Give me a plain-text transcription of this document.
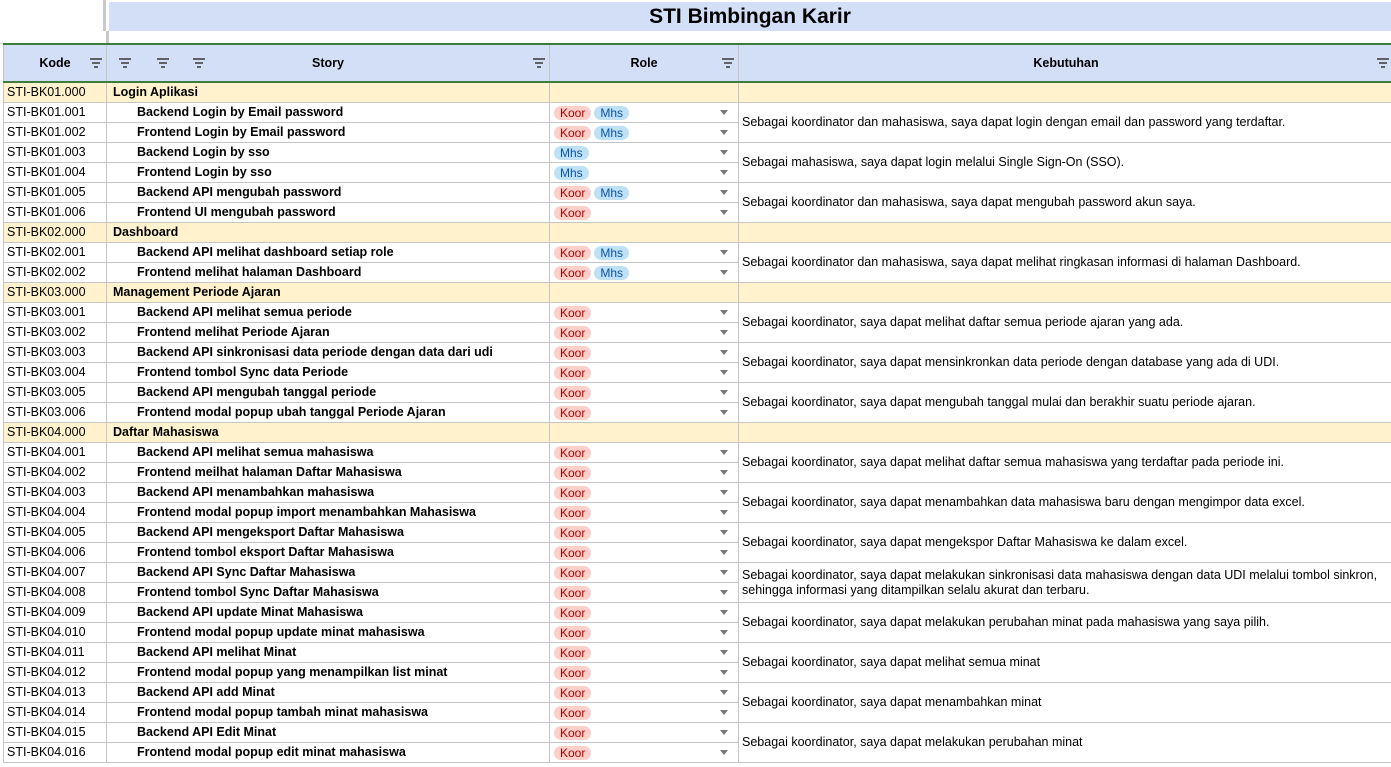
STI Bimbingan Karir
Kode	Story	Role	Kebutuhan

STI-BK01.000	Login Aplikasi		
STI-BK01.001	Backend Login by Email password	Koor Mhs	Sebagai koordinator dan mahasiswa, saya dapat login dengan email dan password yang terdaftar.
STI-BK01.002	Frontend Login by Email password	Koor Mhs	

STI-BK01.003	Backend Login by sso	Mhs	Sebagai mahasiswa, saya dapat login melalui Single Sign-On (SSO).
STI-BK01.004	Frontend Login by sso	Mhs	

STI-BK01.005	Backend API mengubah password	Koor Mhs	Sebagai koordinator dan mahasiswa, saya dapat mengubah password akun saya.
STI-BK01.006	Frontend UI mengubah password	Koor	

STI-BK02.000	Dashboard		
STI-BK02.001	Backend API melihat dashboard setiap role	Koor Mhs	Sebagai koordinator dan mahasiswa, saya dapat melihat ringkasan informasi di halaman Dashboard.
STI-BK02.002	Frontend melihat halaman Dashboard	Koor Mhs	

STI-BK03.000	Management Periode Ajaran		
STI-BK03.001	Backend API melihat semua periode	Koor	Sebagai koordinator, saya dapat melihat daftar semua periode ajaran yang ada.
STI-BK03.002	Frontend melihat Periode Ajaran	Koor	

STI-BK03.003	Backend API sinkronisasi data periode dengan data dari udi	Koor	Sebagai koordinator, saya dapat mensinkronkan data periode dengan database yang ada di UDI.
STI-BK03.004	Frontend tombol Sync data Periode	Koor	

STI-BK03.005	Backend API mengubah tanggal periode	Koor	Sebagai koordinator, saya dapat mengubah tanggal mulai dan berakhir suatu periode ajaran.
STI-BK03.006	Frontend modal popup ubah tanggal Periode Ajaran	Koor	

STI-BK04.000	Daftar Mahasiswa		
STI-BK04.001	Backend API melihat semua mahasiswa	Koor	Sebagai koordinator, saya dapat melihat daftar semua mahasiswa yang terdaftar pada periode ini.
STI-BK04.002	Frontend meilhat halaman Daftar Mahasiswa	Koor	

STI-BK04.003	Backend API menambahkan mahasiswa	Koor	Sebagai koordinator, saya dapat menambahkan data mahasiswa baru dengan mengimpor data excel.
STI-BK04.004	Frontend modal popup import menambahkan Mahasiswa	Koor	

STI-BK04.005	Backend API mengeksport Daftar Mahasiswa	Koor	Sebagai koordinator, saya dapat mengekspor Daftar Mahasiswa ke dalam excel.
STI-BK04.006	Frontend tombol eksport Daftar Mahasiswa	Koor	

STI-BK04.007	Backend API Sync Daftar Mahasiswa	Koor	Sebagai koordinator, saya dapat melakukan sinkronisasi data mahasiswa dengan data UDI melalui tombol sinkron, sehingga informasi yang ditampilkan selalu akurat dan terbaru.
STI-BK04.008	Frontend tombol Sync Daftar Mahasiswa	Koor	

STI-BK04.009	Backend API update Minat Mahasiswa	Koor	Sebagai koordinator, saya dapat melakukan perubahan minat pada mahasiswa yang saya pilih.
STI-BK04.010	Frontend modal popup update minat mahasiswa	Koor	

STI-BK04.011	Backend API melihat Minat	Koor	Sebagai koordinator, saya dapat melihat semua minat
STI-BK04.012	Frontend modal popup yang menampilkan list minat	Koor	

STI-BK04.013	Backend API add Minat	Koor	Sebagai koordinator, saya dapat menambahkan minat
STI-BK04.014	Frontend modal popup tambah minat mahasiswa	Koor	

STI-BK04.015	Backend API Edit Minat	Koor	Sebagai koordinator, saya dapat melakukan perubahan minat
STI-BK04.016	Frontend modal popup edit minat mahasiswa	Koor	
